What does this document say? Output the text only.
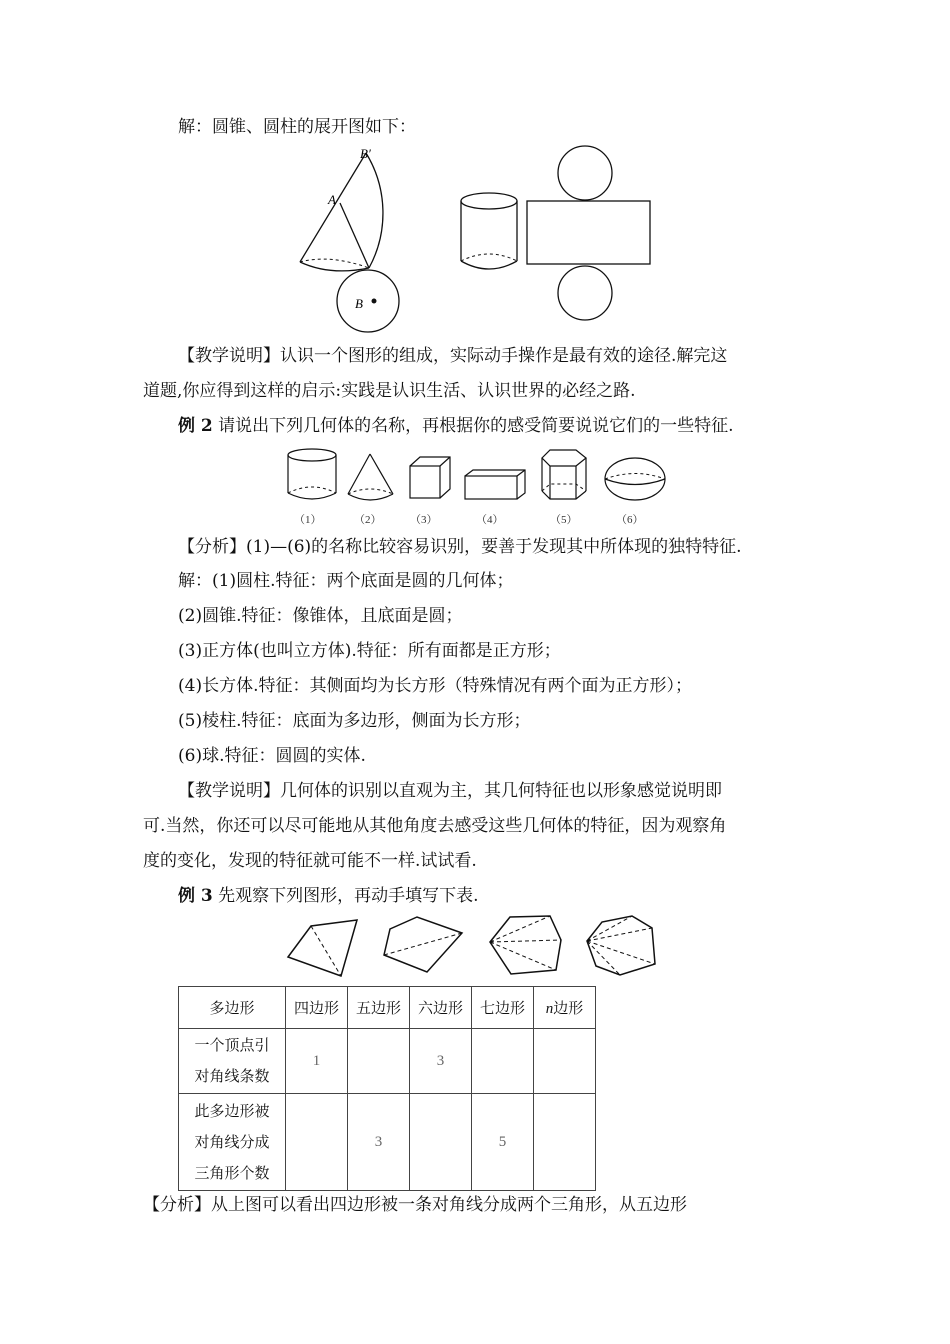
解：圆锥、圆柱的展开图如下：
B′
A
B
【教学说明】认识一个图形的组成，实际动手操作是最有效的途径.解完这
道题,你应得到这样的启示:实践是认识生活、认识世界的必经之路.
例 2 请说出下列几何体的名称，再根据你的感受简要说说它们的一些特征.
（1）	（2）	（3）	（4）	（5）	（6）
【分析】(1)—(6)的名称比较容易识别，要善于发现其中所体现的独特特征.
解：(1)圆柱.特征：两个底面是圆的几何体；
(2)圆锥.特征：像锥体，且底面是圆；
(3)正方体(也叫立方体).特征：所有面都是正方形；
(4)长方体.特征：其侧面均为长方形（特殊情况有两个面为正方形）；
(5)棱柱.特征：底面为多边形，侧面为长方形；
(6)球.特征：圆圆的实体.
【教学说明】几何体的识别以直观为主，其几何特征也以形象感觉说明即
可.当然，你还可以尽可能地从其他角度去感受这些几何体的特征，因为观察角
度的变化，发现的特征就可能不一样.试试看.
例 3 先观察下列图形，再动手填写下表.
多边形	四边形	五边形	六边形	七边形	n边形

一个顶点引
对角线条数	1		3		

此多边形被
对角线分成
三角形个数		3		5	
【分析】从上图可以看出四边形被一条对角线分成两个三角形，从五边形
